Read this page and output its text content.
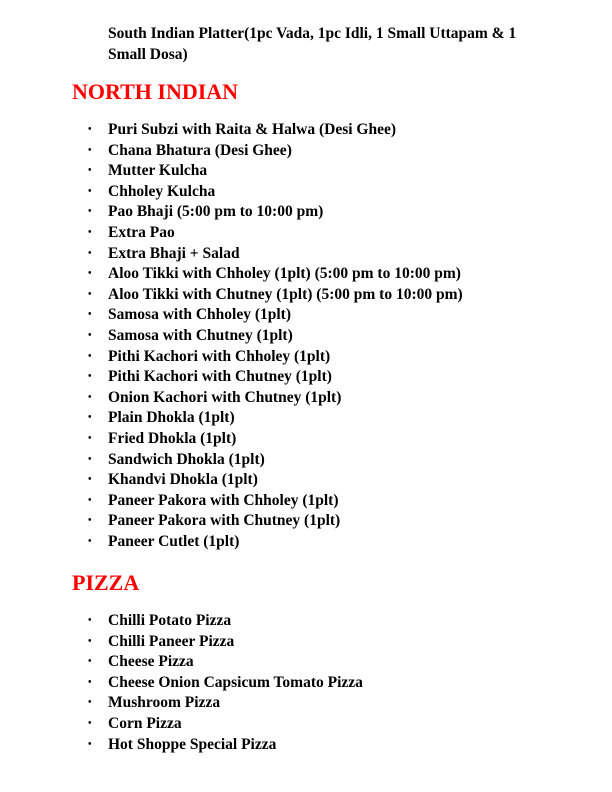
South Indian Platter(1pc Vada, 1pc Idli, 1 Small Uttapam & 1 Small Dosa)

NORTH INDIAN
• Puri Subzi with Raita & Halwa (Desi Ghee)
• Chana Bhatura (Desi Ghee)
• Mutter Kulcha
• Chholey Kulcha
• Pao Bhaji (5:00 pm to 10:00 pm)
• Extra Pao
• Extra Bhaji + Salad
• Aloo Tikki with Chholey (1plt) (5:00 pm to 10:00 pm)
• Aloo Tikki with Chutney (1plt) (5:00 pm to 10:00 pm)
• Samosa with Chholey (1plt)
• Samosa with Chutney (1plt)
• Pithi Kachori with Chholey (1plt)
• Pithi Kachori with Chutney (1plt)
• Onion Kachori with Chutney (1plt)
• Plain Dhokla (1plt)
• Fried Dhokla (1plt)
• Sandwich Dhokla (1plt)
• Khandvi Dhokla (1plt)
• Paneer Pakora with Chholey (1plt)
• Paneer Pakora with Chutney (1plt)
• Paneer Cutlet (1plt)
PIZZA
• Chilli Potato Pizza
• Chilli Paneer Pizza
• Cheese Pizza
• Cheese Onion Capsicum Tomato Pizza
• Mushroom Pizza
• Corn Pizza
• Hot Shoppe Special Pizza
